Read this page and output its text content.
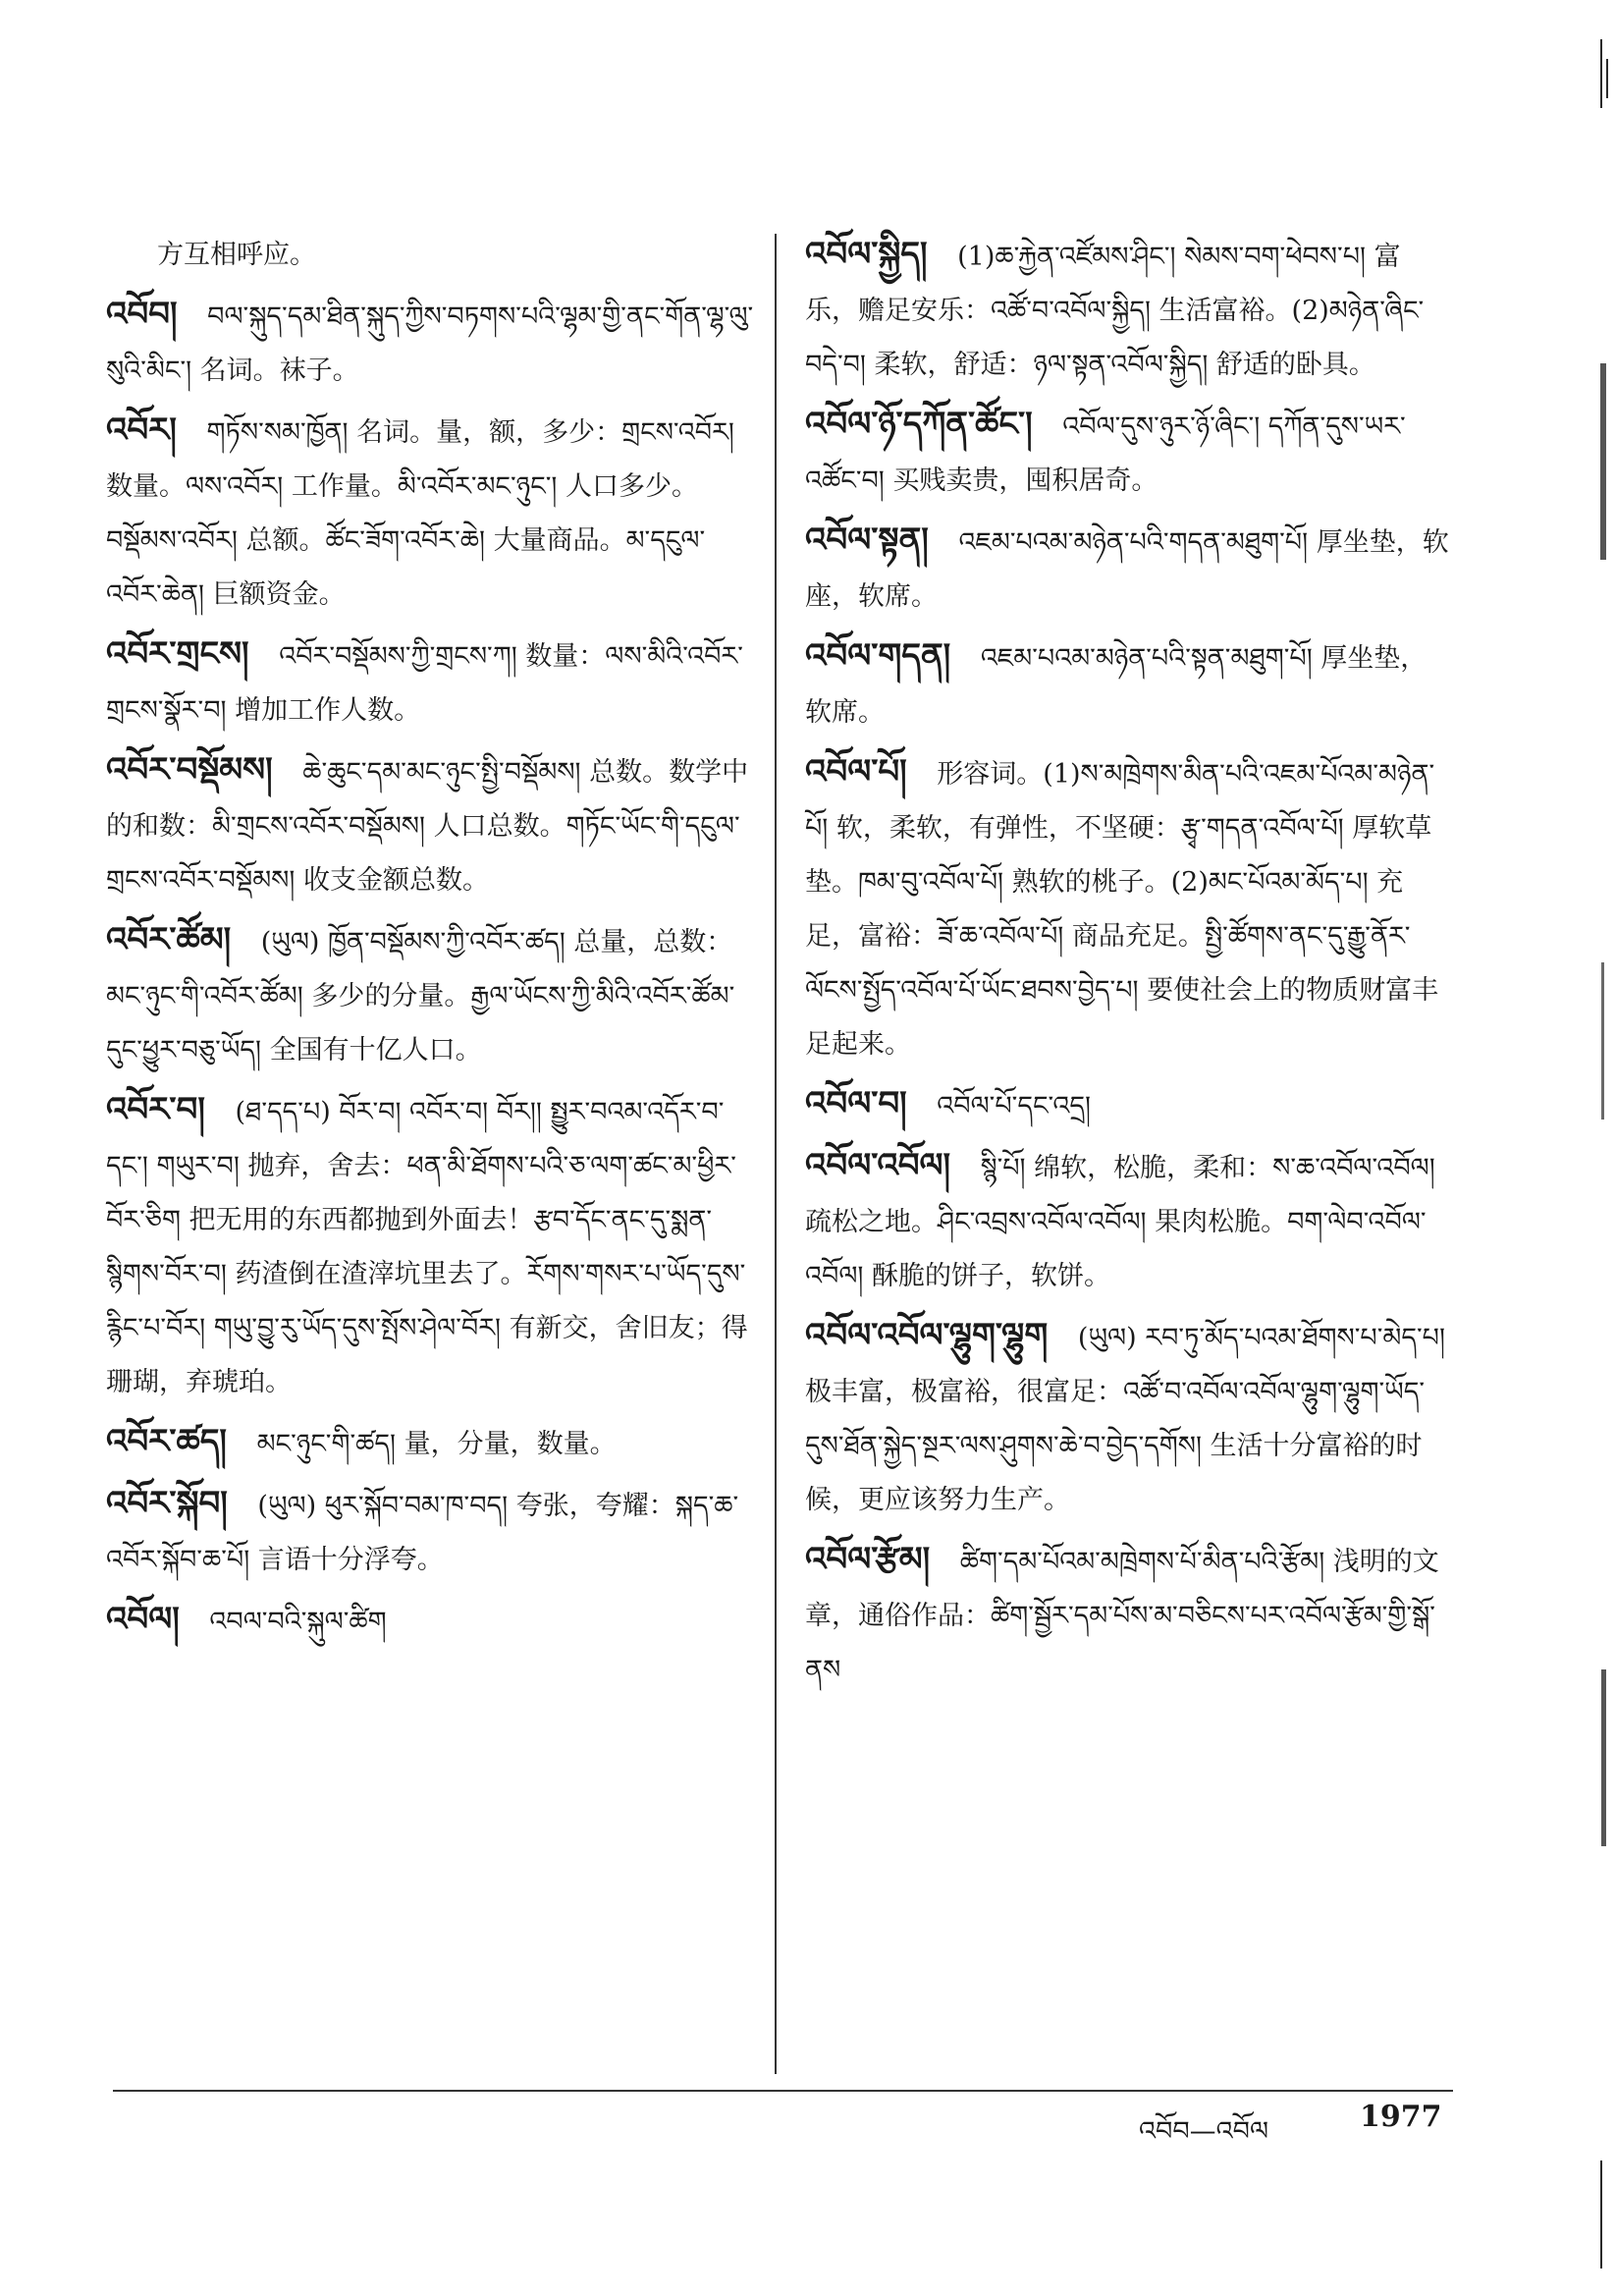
方互相呼应。
འབོབ། བལ་སྐུད་དམ་ཐིན་སྐུད་ཀྱིས་བཏགས་པའི་ལྷམ་གྱི་ནང་གོན་ལྷ་ལུ་སུའི་མིང་། 名词。袜子。
འབོར། གཏོས་སམ་ཁྱོན། 名词。量，额，多少：གྲངས་འབོར། 数量。ལས་འབོར། 工作量。མི་འབོར་མང་ཉུང་། 人口多少。བསྡོམས་འབོར། 总额。ཚོང་ཟོག་འབོར་ཆེ། 大量商品。མ་དངུལ་འབོར་ཆེན། 巨额资金。
འབོར་གྲངས། འབོར་བསྡོམས་ཀྱི་གྲངས་ཀ། 数量：ལས་མིའི་འབོར་གྲངས་སྣོར་བ། 增加工作人数。
འབོར་བསྡོམས། ཆེ་ཆུང་དམ་མང་ཉུང་སྤྱི་བསྡོམས། 总数。数学中的和数：མི་གྲངས་འབོར་བསྡོམས། 人口总数。གཏོང་ཡོང་གི་དངུལ་གྲངས་འབོར་བསྡོམས། 收支金额总数。
འབོར་ཚོམ། (ཡུལ) ཁྱོན་བསྡོམས་ཀྱི་འབོར་ཚད། 总量，总数：མང་ཉུང་གི་འབོར་ཚོམ། 多少的分量。རྒྱལ་ཡོངས་ཀྱི་མིའི་འབོར་ཚོམ་དུང་ཕྱུར་བཅུ་ཡོད། 全国有十亿人口。
འབོར་བ། (ཐ་དད་པ) བོར་བ། འབོར་བ། བོར།། སྤྱུར་བའམ་འདོར་བ་དང་། གཡུར་བ། 抛弃，舍去：ཕན་མི་ཐོགས་པའི་ཅ་ལག་ཚང་མ་ཕྱིར་བོར་ཅིག 把无用的东西都抛到外面去！རྩབ་དོང་ནང་དུ་སྨན་སྙིགས་བོར་བ། 药渣倒在渣滓坑里去了。རོགས་གསར་པ་ཡོད་དུས་རྙིང་པ་བོར། གཡུ་བྱུ་རུ་ཡོད་དུས་སྤོས་ཤེལ་བོར། 有新交，舍旧友；得珊瑚，弃琥珀。
འབོར་ཚད། མང་ཉུང་གི་ཚད། 量，分量，数量。
འབོར་སྐོབ། (ཡུལ) ཕུར་སྐོབ་བམ་ཁ་བད། 夸张，夸耀：སྐད་ཆ་འབོར་སྐོབ་ཆ་པོ། 言语十分浮夸。
འབོལ། འབལ་བའི་སྐུལ་ཚིག
འབོལ་སྐྱིད། (1)ཆ་རྐྱེན་འཛོམས་ཤིང་། སེམས་བག་ཕེབས་པ། 富乐，赡足安乐：འཚོ་བ་འབོལ་སྐྱིད། 生活富裕。(2)མཉེན་ཞིང་བདེ་བ། 柔软，舒适：ཉལ་སྟན་འབོལ་སྐྱིད། 舒适的卧具。
འབོལ་ཉོ་དཀོན་ཚོང་། འབོལ་དུས་ཉུར་ཉོ་ཞིང་། དཀོན་དུས་ཡར་འཚོང་བ། 买贱卖贵，囤积居奇。
འབོལ་སྟན། འཇམ་པའམ་མཉེན་པའི་གདན་མཐུག་པོ། 厚坐垫，软座，软席。
འབོལ་གདན། འཇམ་པའམ་མཉེན་པའི་སྟན་མཐུག་པོ། 厚坐垫，软席。
འབོལ་པོ། 形容词。(1)ས་མཁྲེགས་མིན་པའི་འཇམ་པོའམ་མཉེན་པོ། 软，柔软，有弹性，不坚硬：རྩྭ་གདན་འབོལ་པོ། 厚软草垫。ཁམ་བུ་འབོལ་པོ། 熟软的桃子。(2)མང་པོའམ་མོད་པ། 充足，富裕：ཟོ་ཆ་འབོལ་པོ། 商品充足。སྤྱི་ཚོགས་ནང་དུ་རྒྱུ་ནོར་ལོངས་སྤྱོད་འབོལ་པོ་ཡོང་ཐབས་བྱེད་པ། 要使社会上的物质财富丰足起来。
འབོལ་བ། འབོལ་པོ་དང་འདྲ།
འབོལ་འབོལ། སྙི་པོ། 绵软，松脆，柔和：ས་ཆ་འབོལ་འབོལ། 疏松之地。ཤིང་འབྲས་འབོལ་འབོལ། 果肉松脆。བག་ལེབ་འབོལ་འབོལ། 酥脆的饼子，软饼。
འབོལ་འབོལ་ལྷུག་ལྷུག (ཡུལ) རབ་ཏུ་མོད་པའམ་ཐོགས་པ་མེད་པ། 极丰富，极富裕，很富足：འཚོ་བ་འབོལ་འབོལ་ལྷུག་ལྷུག་ཡོད་དུས་ཐོན་སྐྱེད་སྔར་ལས་ཤུགས་ཆེ་བ་བྱེད་དགོས། 生活十分富裕的时候，更应该努力生产。
འབོལ་རྩོམ། ཚིག་དམ་པོའམ་མཁྲེགས་པོ་མིན་པའི་རྩོམ། 浅明的文章，通俗作品：ཚིག་སྦྱོར་དམ་པོས་མ་བཅིངས་པར་འབོལ་རྩོམ་གྱི་སྒོ་ནས
འབོབ—འབོལ	1977
